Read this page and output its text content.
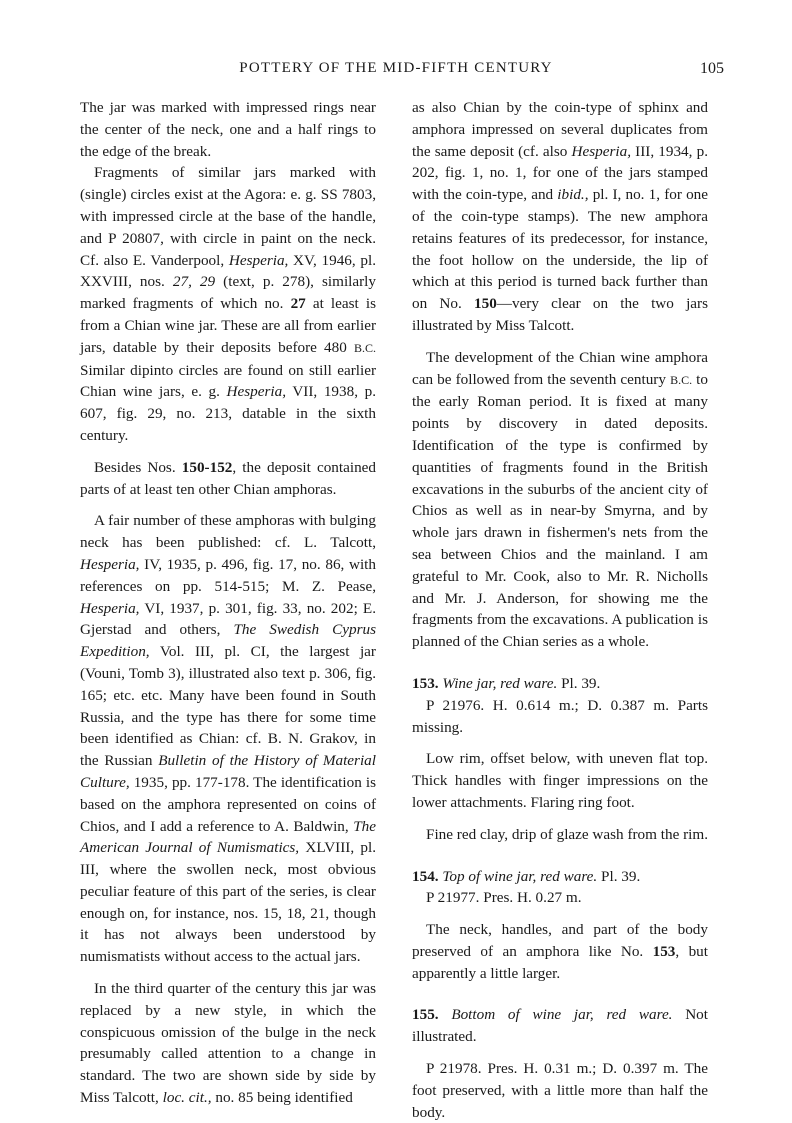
POTTERY OF THE MID-FIFTH CENTURY	105

The jar was marked with impressed rings near the center of the neck, one and a half rings to the edge of the break.

Fragments of similar jars marked with (single) circles exist at the Agora: e. g. SS 7803, with impressed circle at the base of the handle, and P 20807, with circle in paint on the neck. Cf. also E. Vanderpool, Hesperia, XV, 1946, pl. XXVIII, nos. 27, 29 (text, p. 278), similarly marked fragments of which no. 27 at least is from a Chian wine jar. These are all from earlier jars, datable by their deposits before 480 B.C. Similar dipinto circles are found on still earlier Chian wine jars, e. g. Hesperia, VII, 1938, p. 607, fig. 29, no. 213, datable in the sixth century.

Besides Nos. 150-152, the deposit contained parts of at least ten other Chian amphoras.

A fair number of these amphoras with bulging neck has been published: cf. L. Talcott, Hesperia, IV, 1935, p. 496, fig. 17, no. 86, with references on pp. 514-515; M. Z. Pease, Hesperia, VI, 1937, p. 301, fig. 33, no. 202; E. Gjerstad and others, The Swedish Cyprus Expedition, Vol. III, pl. CI, the largest jar (Vouni, Tomb 3), illustrated also text p. 306, fig. 165; etc. etc. Many have been found in South Russia, and the type has there for some time been identified as Chian: cf. B. N. Grakov, in the Russian Bulletin of the History of Material Culture, 1935, pp. 177-178. The identification is based on the amphora represented on coins of Chios, and I add a reference to A. Baldwin, The American Journal of Numismatics, XLVIII, pl. III, where the swollen neck, most obvious peculiar feature of this part of the series, is clear enough on, for instance, nos. 15, 18, 21, though it has not always been understood by numismatists without access to the actual jars.

In the third quarter of the century this jar was replaced by a new style, in which the conspicuous omission of the bulge in the neck presumably called attention to a change in standard. The two are shown side by side by Miss Talcott, loc. cit., no. 85 being identified

as also Chian by the coin-type of sphinx and amphora impressed on several duplicates from the same deposit (cf. also Hesperia, III, 1934, p. 202, fig. 1, no. 1, for one of the jars stamped with the coin-type, and ibid., pl. I, no. 1, for one of the coin-type stamps). The new amphora retains features of its predecessor, for instance, the foot hollow on the underside, the lip of which at this period is turned back further than on No. 150—very clear on the two jars illustrated by Miss Talcott.

The development of the Chian wine amphora can be followed from the seventh century B.C. to the early Roman period. It is fixed at many points by discovery in dated deposits. Identification of the type is confirmed by quantities of fragments found in the British excavations in the suburbs of the ancient city of Chios as well as in near-by Smyrna, and by whole jars drawn in fishermen's nets from the sea between Chios and the mainland. I am grateful to Mr. Cook, also to Mr. R. Nicholls and Mr. J. Anderson, for showing me the fragments from the excavations. A publication is planned of the Chian series as a whole.

153. Wine jar, red ware. Pl. 39.

P 21976. H. 0.614 m.; D. 0.387 m. Parts missing.

Low rim, offset below, with uneven flat top. Thick handles with finger impressions on the lower attachments. Flaring ring foot.

Fine red clay, drip of glaze wash from the rim.

154. Top of wine jar, red ware. Pl. 39.

P 21977. Pres. H. 0.27 m.

The neck, handles, and part of the body preserved of an amphora like No. 153, but apparently a little larger.

155. Bottom of wine jar, red ware. Not illustrated.

P 21978. Pres. H. 0.31 m.; D. 0.397 m. The foot preserved, with a little more than half the body.
